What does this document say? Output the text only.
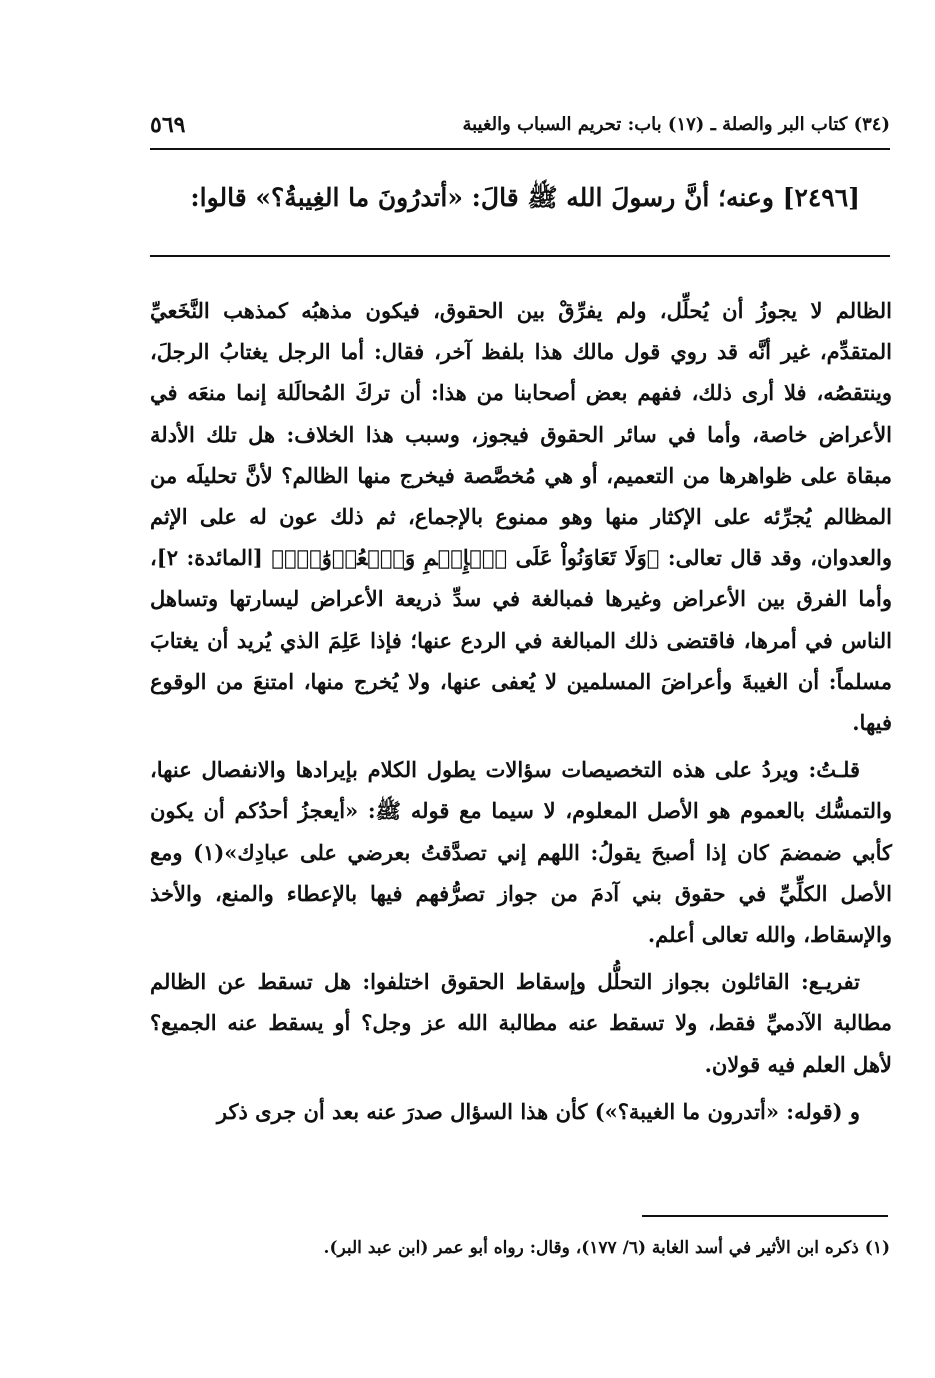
(٣٤) كتاب البر والصلة ـ (١٧) باب: تحريم السباب والغيبة
٥٦٩
[٢٤٩٦] وعنه؛ أنَّ رسولَ الله ﷺ قالَ: «أتدرُونَ ما الغِيبةُ؟» قالوا:

الظالم لا يجوزُ أن يُحلِّل، ولم يفرِّقْ بين الحقوق، فيكون مذهبُه كمذهب النَّخَعيِّ المتقدِّم، غير أنَّه قد روي قول مالك هذا بلفظ آخر، فقال: أما الرجل يغتابُ الرجلَ، وينتقصُه، فلا أرى ذلك، ففهم بعض أصحابنا من هذا: أن تركَ المُحالَلة إنما منعَه في الأعراض خاصة، وأما في سائر الحقوق فيجوز، وسبب هذا الخلاف: هل تلك الأدلة مبقاة على ظواهرها من التعميم، أو هي مُخصَّصة فيخرج منها الظالم؟ لأنَّ تحليلَه من المظالم يُجرِّئه على الإكثار منها وهو ممنوع بالإجماع، ثم ذلك عون له على الإثم والعدوان، وقد قال تعالى: ﴿وَلَا تَعَاوَنُواْ عَلَى ٱلۡإِثۡمِ وَٱلۡعُدۡوَٰنِۚ﴾ [المائدة: ٢]، وأما الفرق بين الأعراض وغيرها فمبالغة في سدِّ ذريعة الأعراض ليسارتها وتساهل الناس في أمرها، فاقتضى ذلك المبالغة في الردع عنها؛ فإذا عَلِمَ الذي يُريد أن يغتابَ مسلماً: أن الغيبةَ وأعراضَ المسلمين لا يُعفى عنها، ولا يُخرج منها، امتنعَ من الوقوع فيها.

قلـتُ: ويردُ على هذه التخصيصات سؤالات يطول الكلام بإيرادها والانفصال عنها، والتمسُّك بالعموم هو الأصل المعلوم، لا سيما مع قوله ﷺ: «أيعجزُ أحدُكم أن يكون كأبي ضمضمَ كان إذا أصبحَ يقولُ: اللهم إني تصدَّقتُ بعرضي على عبادِك»(١) ومع الأصل الكلِّيِّ في حقوق بني آدمَ من جواز تصرُّفهم فيها بالإعطاء والمنع، والأخذ والإسقاط، والله تعالى أعلم.

تفريـع: القائلون بجواز التحلُّل وإسقاط الحقوق اختلفوا: هل تسقط عن الظالم مطالبة الآدميِّ فقط، ولا تسقط عنه مطالبة الله عز وجل؟ أو يسقط عنه الجميع؟ لأهل العلم فيه قولان.

و (قوله: «أتدرون ما الغيبة؟») كأن هذا السؤال صدرَ عنه بعد أن جرى ذكر

(١) ذكره ابن الأثير في أسد الغابة (٦/ ١٧٧)، وقال: رواه أبو عمر (ابن عبد البر).
